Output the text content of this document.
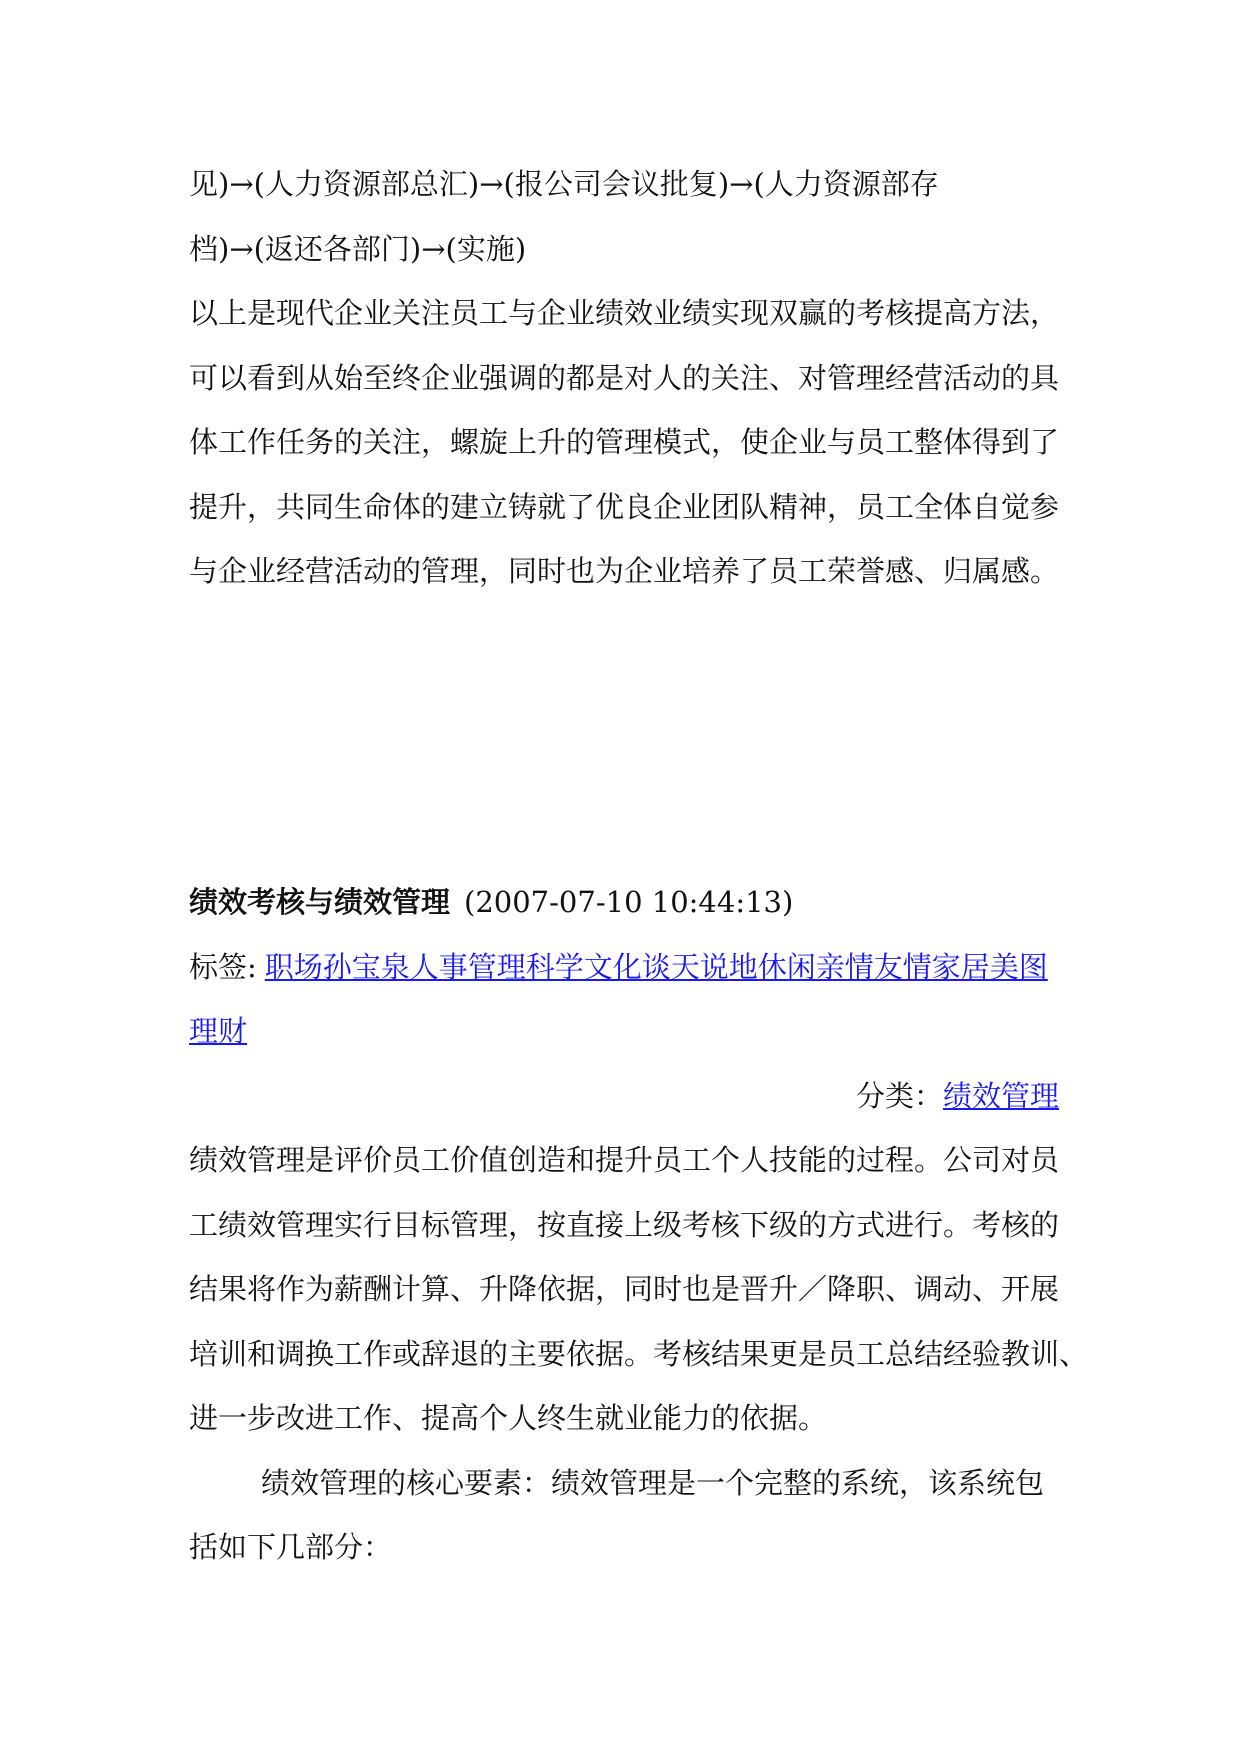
见)→(人力资源部总汇)→(报公司会议批复)→(人力资源部存
档)→(返还各部门)→(实施)
以上是现代企业关注员工与企业绩效业绩实现双赢的考核提高方法，
可以看到从始至终企业强调的都是对人的关注、对管理经营活动的具
体工作任务的关注，螺旋上升的管理模式，使企业与员工整体得到了
提升，共同生命体的建立铸就了优良企业团队精神，员工全体自觉参
与企业经营活动的管理，同时也为企业培养了员工荣誉感、归属感。

绩效考核与绩效管理 (2007-07-10 10:44:13)
标签: 职场孙宝泉人事管理科学文化谈天说地休闲亲情友情家居美图
理财
分类：绩效管理

绩效管理是评价员工价值创造和提升员工个人技能的过程。公司对员
工绩效管理实行目标管理，按直接上级考核下级的方式进行。考核的
结果将作为薪酬计算、升降依据，同时也是晋升／降职、调动、开展
培训和调换工作或辞退的主要依据。考核结果更是员工总结经验教训、
进一步改进工作、提高个人终生就业能力的依据。

绩效管理的核心要素：绩效管理是一个完整的系统，该系统包
括如下几部分：
